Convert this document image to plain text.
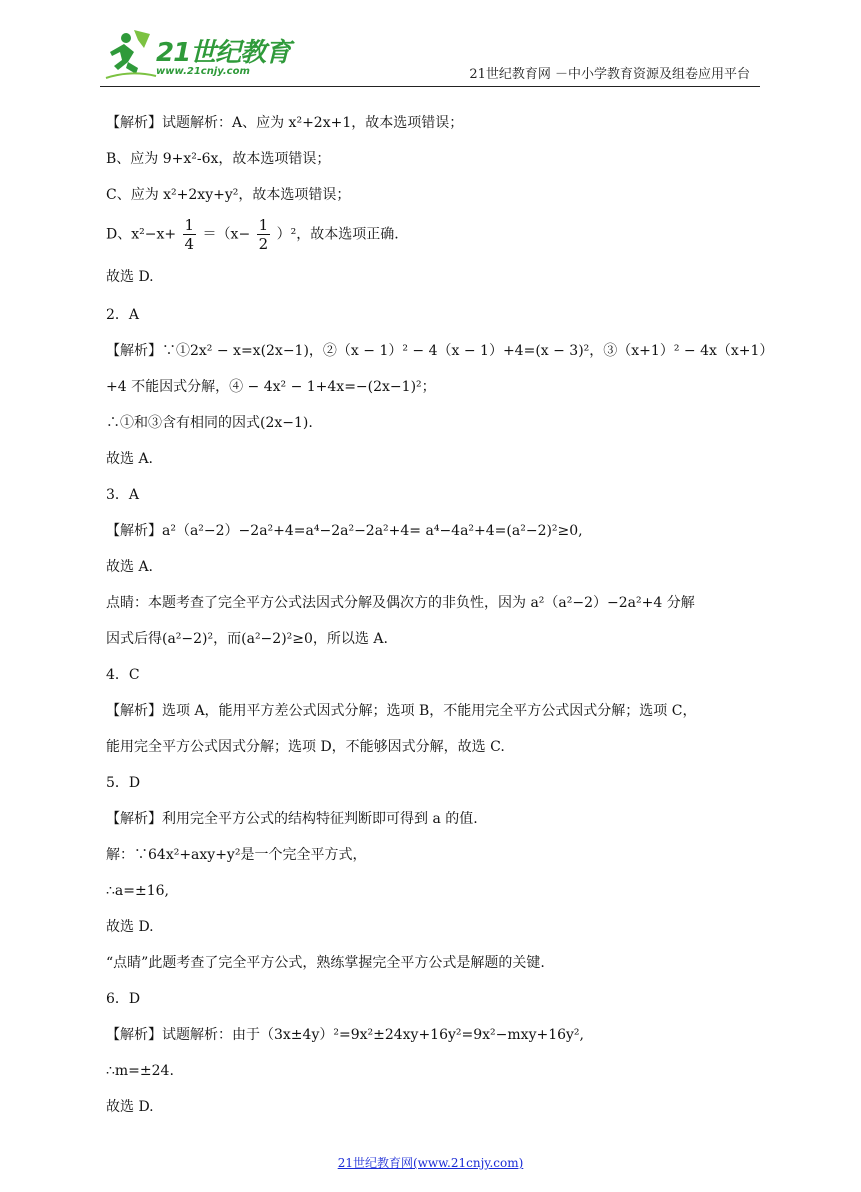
21世纪教育
www.21cnjy.com	21世纪教育网 －中小学教育资源及组卷应用平台
【解析】试题解析：A、应为 x²+2x+1，故本选项错误；
B、应为 9+x²-6x，故本选项错误；
C、应为 x²+2xy+y²，故本选项错误；
D、$x^2-x+ \frac{1}{4} =(x- \frac{1}{2} )^2$，故本选项正确.
故选 D.
2．A
【解析】∵①2x² − x=x(2x−1)，②（x − 1）² − 4（x − 1）+4=(x − 3)²，③（x+1）² − 4x（x+1）
+4 不能因式分解，④ − 4x² − 1+4x=−(2x−1)²；
∴①和③含有相同的因式(2x−1).
故选 A.
3．A
【解析】a²（a²−2）−2a²+4=a⁴−2a²−2a²+4= a⁴−4a²+4=(a²−2)²≥0,
故选 A.
点睛：本题考查了完全平方公式法因式分解及偶次方的非负性，因为 a²（a²−2）−2a²+4 分解
因式后得(a²−2)²，而(a²−2)²≥0，所以选 A.
4．C
【解析】选项 A，能用平方差公式因式分解；选项 B，不能用完全平方公式因式分解；选项 C，
能用完全平方公式因式分解；选项 D，不能够因式分解，故选 C.
5．D
【解析】利用完全平方公式的结构特征判断即可得到 a 的值.
解：∵64x²+axy+y²是一个完全平方式，
∴a=±16,
故选 D.
“点睛”此题考查了完全平方公式，熟练掌握完全平方公式是解题的关键.
6．D
【解析】试题解析：由于（3x±4y）²=9x²±24xy+16y²=9x²−mxy+16y²,
∴m=±24.
故选 D.
21世纪教育网(www.21cnjy.com)
